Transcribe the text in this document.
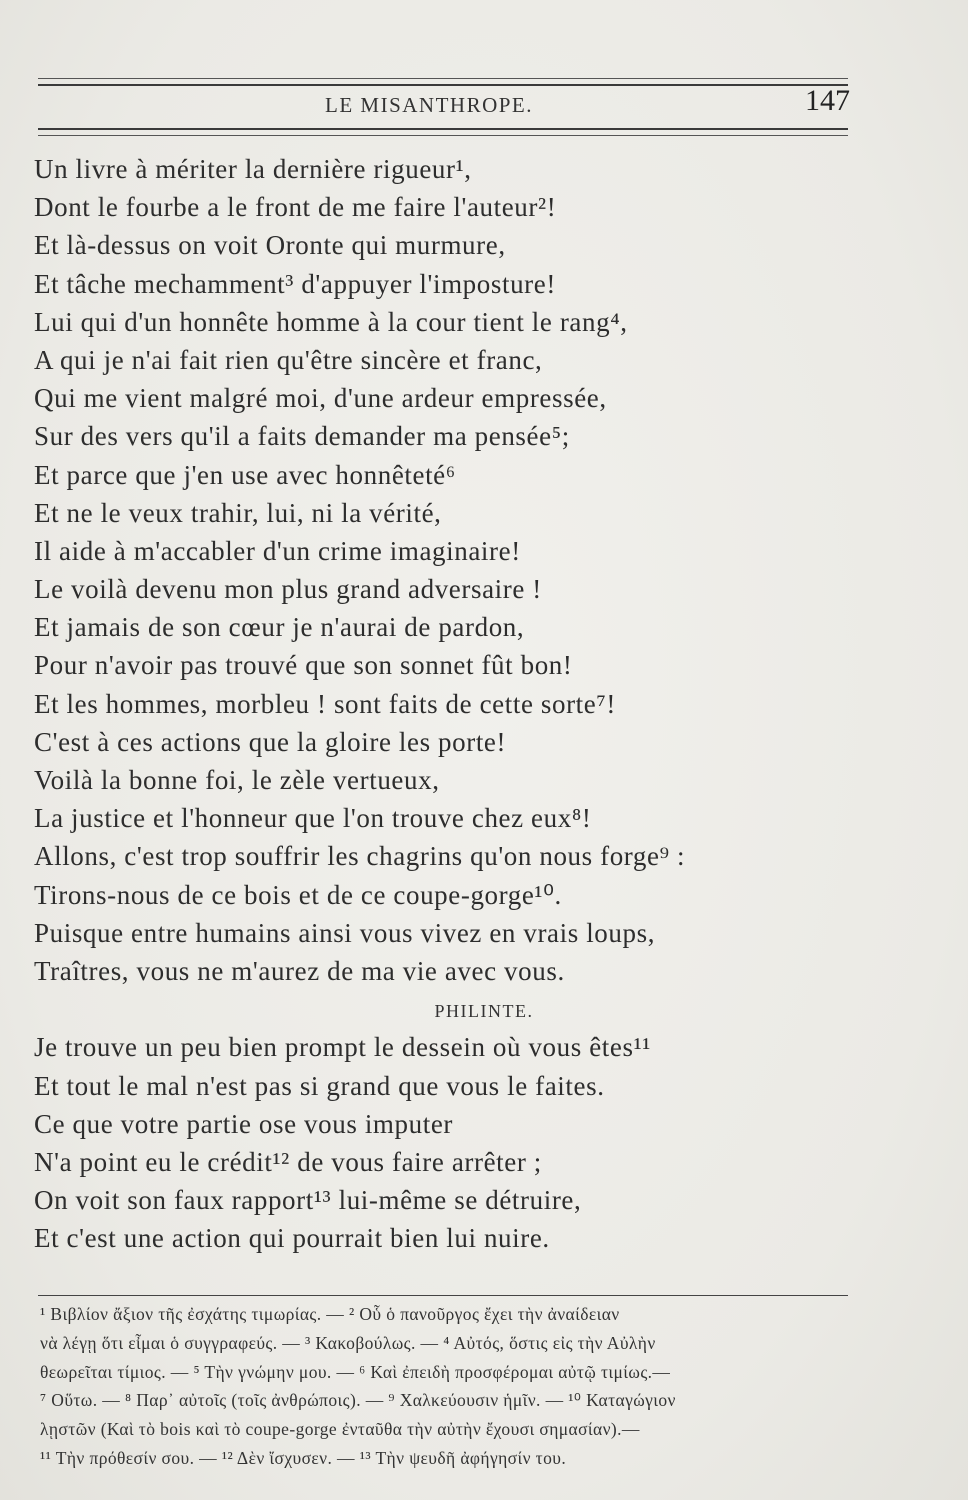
LE MISANTHROPE.	147
Un livre à mériter la dernière rigueur¹,
Dont le fourbe a le front de me faire l'auteur²!
Et là-dessus on voit Oronte qui murmure,
Et tâche mechamment³ d'appuyer l'imposture!
Lui qui d'un honnête homme à la cour tient le rang⁴,
A qui je n'ai fait rien qu'être sincère et franc,
Qui me vient malgré moi, d'une ardeur empressée,
Sur des vers qu'il a faits demander ma pensée⁵;
Et parce que j'en use avec honnêteté⁶
Et ne le veux trahir, lui, ni la vérité,
Il aide à m'accabler d'un crime imaginaire!
Le voilà devenu mon plus grand adversaire !
Et jamais de son cœur je n'aurai de pardon,
Pour n'avoir pas trouvé que son sonnet fût bon!
Et les hommes, morbleu ! sont faits de cette sorte⁷!
C'est à ces actions que la gloire les porte!
Voilà la bonne foi, le zèle vertueux,
La justice et l'honneur que l'on trouve chez eux⁸!
Allons, c'est trop souffrir les chagrins qu'on nous forge⁹ :
Tirons-nous de ce bois et de ce coupe-gorge¹⁰.
Puisque entre humains ainsi vous vivez en vrais loups,
Traîtres, vous ne m'aurez de ma vie avec vous.
PHILINTE.
Je trouve un peu bien prompt le dessein où vous êtes¹¹
Et tout le mal n'est pas si grand que vous le faites.
Ce que votre partie ose vous imputer
N'a point eu le crédit¹² de vous faire arrêter ;
On voit son faux rapport¹³ lui-même se détruire,
Et c'est une action qui pourrait bien lui nuire.
¹ Βιβλίον ἄξιον τῆς ἐσχάτης τιμωρίας. — ² Οὗ ὁ πανοῦργος ἔχει τὴν ἀναίδειαν
νὰ λέγῃ ὅτι εἶμαι ὁ συγγραφεύς. — ³ Κακοβούλως. — ⁴ Αὐτός, ὅστις εἰς τὴν Αὐλὴν
θεωρεῖται τίμιος. — ⁵ Τὴν γνώμην μου. — ⁶ Καὶ ἐπειδὴ προσφέρομαι αὐτῷ τιμίως.—
⁷ Οὕτω. — ⁸ Παρ᾽ αὐτοῖς (τοῖς ἀνθρώποις). — ⁹ Χαλκεύουσιν ἡμῖν. — ¹⁰ Καταγώγιον
λῃστῶν (Καὶ τὸ bois καὶ τὸ coupe-gorge ἐνταῦθα τὴν αὐτὴν ἔχουσι σημασίαν).—
¹¹ Τὴν πρόθεσίν σου. — ¹² Δὲν ἴσχυσεν. — ¹³ Τὴν ψευδῆ ἀφήγησίν του.
